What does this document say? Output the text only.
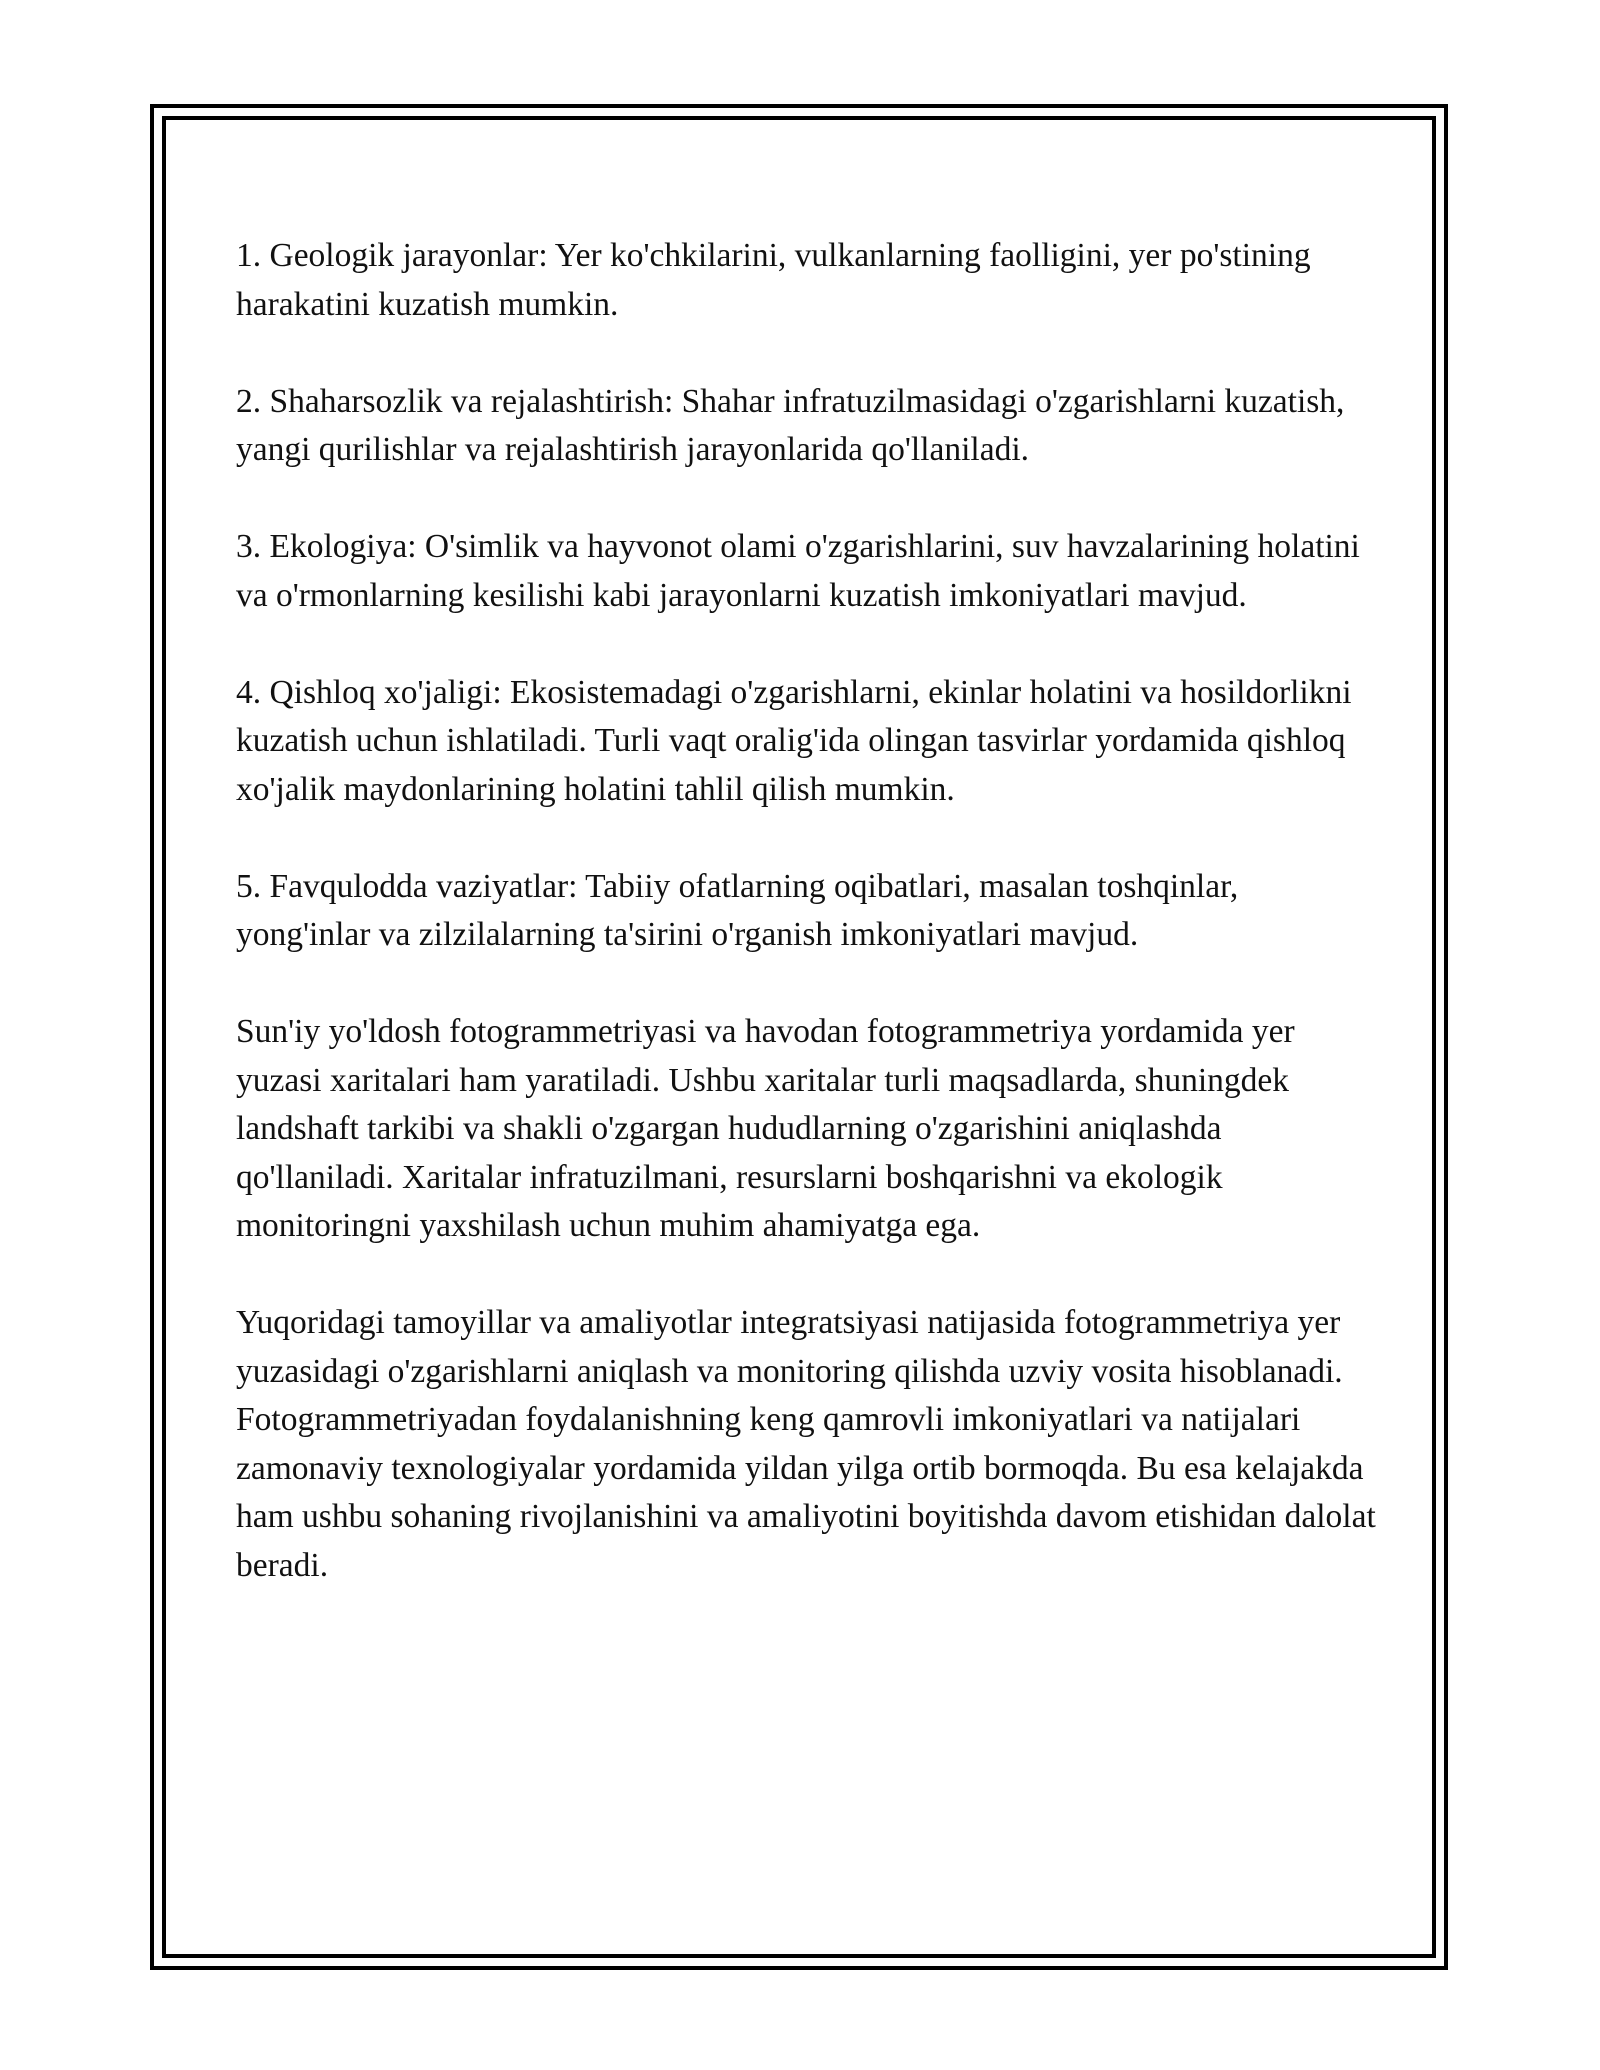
1. Geologik jarayonlar: Yer ko'chkilarini, vulkanlarning faolligini, yer po'stining harakatini kuzatish mumkin.

2. Shaharsozlik va rejalashtirish: Shahar infratuzilmasidagi o'zgarishlarni kuzatish, yangi qurilishlar va rejalashtirish jarayonlarida qo'llaniladi.

3. Ekologiya: O'simlik va hayvonot olami o'zgarishlarini, suv havzalarining holatini va o'rmonlarning kesilishi kabi jarayonlarni kuzatish imkoniyatlari mavjud.

4. Qishloq xo'jaligi: Ekosistemadagi o'zgarishlarni, ekinlar holatini va hosildorlikni kuzatish uchun ishlatiladi. Turli vaqt oralig'ida olingan tasvirlar yordamida qishloq xo'jalik maydonlarining holatini tahlil qilish mumkin.

5. Favqulodda vaziyatlar: Tabiiy ofatlarning oqibatlari, masalan toshqinlar, yong'inlar va zilzilalarning ta'sirini o'rganish imkoniyatlari mavjud.

Sun'iy yo'ldosh fotogrammetriyasi va havodan fotogrammetriya yordamida yer yuzasi xaritalari ham yaratiladi. Ushbu xaritalar turli maqsadlarda, shuningdek landshaft tarkibi va shakli o'zgargan hududlarning o'zgarishini aniqlashda qo'llaniladi. Xaritalar infratuzilmani, resurslarni boshqarishni va ekologik monitoringni yaxshilash uchun muhim ahamiyatga ega.

Yuqoridagi tamoyillar va amaliyotlar integratsiyasi natijasida fotogrammetriya yer yuzasidagi o'zgarishlarni aniqlash va monitoring qilishda uzviy vosita hisoblanadi. Fotogrammetriyadan foydalanishning keng qamrovli imkoniyatlari va natijalari zamonaviy texnologiyalar yordamida yildan yilga ortib bormoqda. Bu esa kelajakda ham ushbu sohaning rivojlanishini va amaliyotini boyitishda davom etishidan dalolat beradi.
